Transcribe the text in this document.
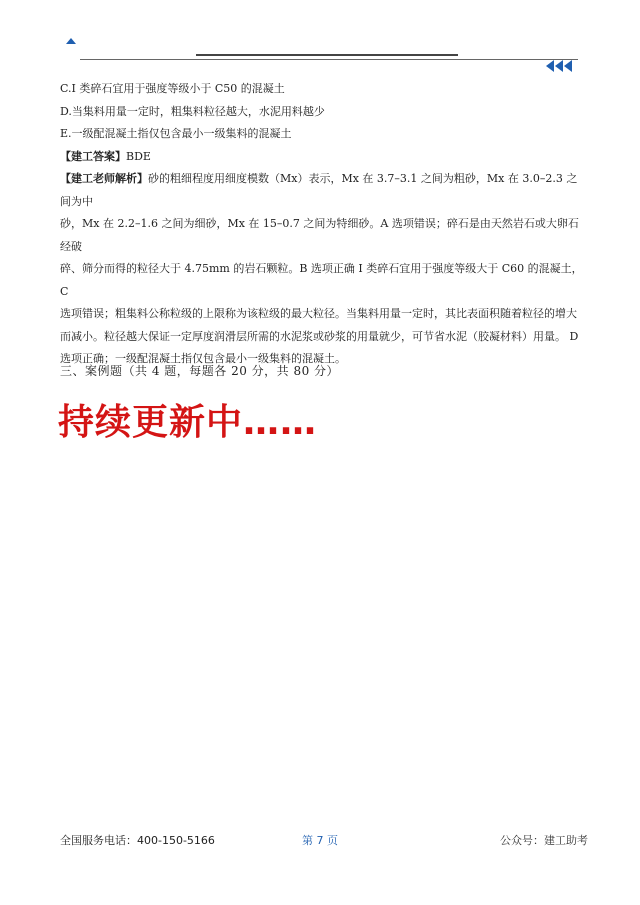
C.I 类碎石宜用于强度等级小于 C50 的混凝土

D.当集料用量一定时，粗集料粒径越大，水泥用料越少

E.一级配混凝土指仅包含最小一级集料的混凝土

【建工答案】BDE

【建工老师解析】砂的粗细程度用细度模数（Mx）表示，Mx 在 3.7–3.1 之间为粗砂，Mx 在 3.0–2.3 之间为中

砂，Mx 在 2.2–1.6 之间为细砂，Mx 在 15–0.7 之间为特细砂。A 选项错误；碎石是由天然岩石或大卵石经破

碎、筛分而得的粒径大于 4.75mm 的岩石颗粒。B 选项正确 I 类碎石宜用于强度等级大于 C60 的混凝土， C

选项错误；粗集料公称粒级的上限称为该粒级的最大粒径。当集料用量一定时，其比表面积随着粒径的增大

而减小。粒径越大保证一定厚度润滑层所需的水泥浆或砂浆的用量就少，可节省水泥（胶凝材料）用量。 D

选项正确；一级配混凝土指仅包含最小一级集料的混凝土。

三、案例题（共 4 题，每题各 20 分，共 80 分）
持续更新中……
全国服务电话：400-150-5166	第 7 页	公众号：建工助考
